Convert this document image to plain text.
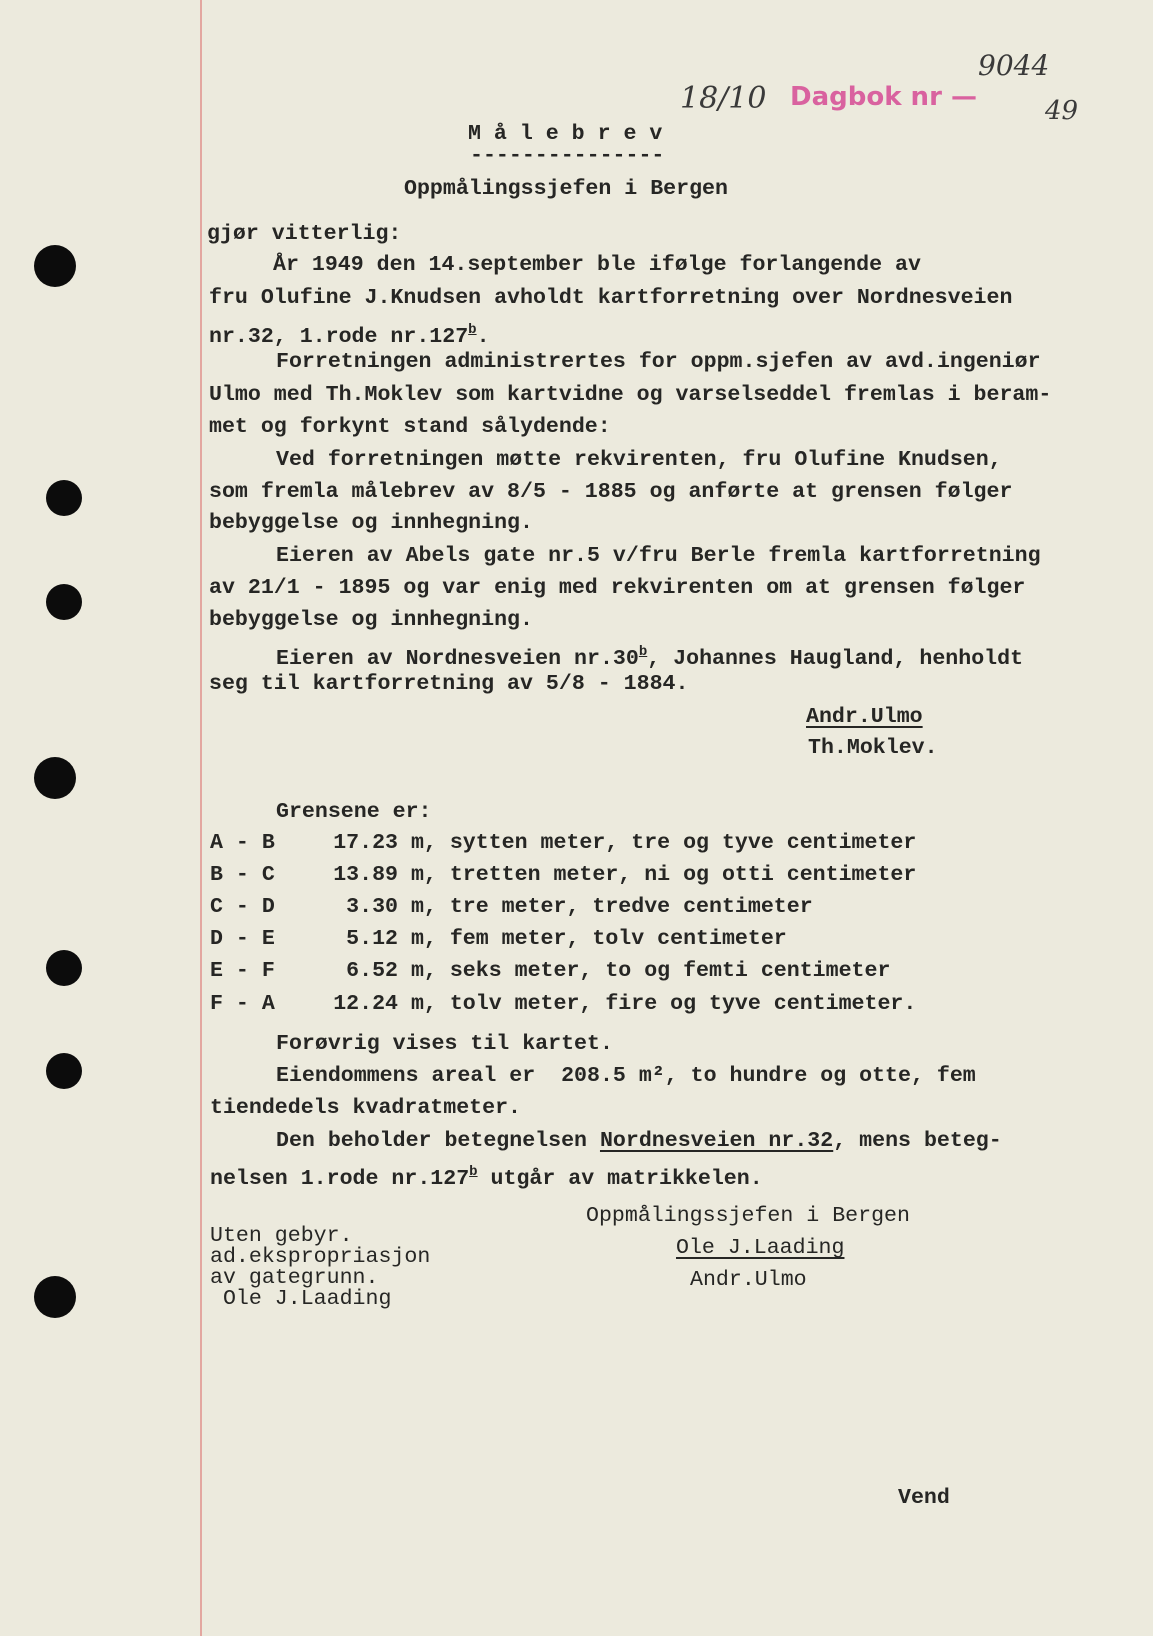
18/10 Dagbok nr —
9044
49
M å l e b r e v
---------------
Oppmålingssjefen i Bergen
gjør vitterlig:
År 1949 den 14.september ble ifølge forlangende av
fru Olufine J.Knudsen avholdt kartforretning over Nordnesveien
nr.32, 1.rode nr.127$^b$.
Forretningen administrertes for oppm.sjefen av avd.ingeniør
Ulmo med Th.Moklev som kartvidne og varselseddel fremlas i beram-
met og forkynt stand sålydende:
Ved forretningen møtte rekvirenten, fru Olufine Knudsen,
som fremla målebrev av 8/5 - 1885 og anførte at grensen følger
bebyggelse og innhegning.
Eieren av Abels gate nr.5 v/fru Berle fremla kartforretning
av 21/1 - 1895 og var enig med rekvirenten om at grensen følger
bebyggelse og innhegning.
Eieren av Nordnesveien nr.30$^b$, Johannes Haugland, henholdt
seg til kartforretning av 5/8 - 1884.
Andr.Ulmo
Th.Moklev.
Grensene er:
A - B	17.23 m, sytten meter, tre og tyve centimeter
B - C	13.89 m, tretten meter, ni og otti centimeter
C - D	3.30 m, tre meter, tredve centimeter
D - E	5.12 m, fem meter, tolv centimeter
E - F	6.52 m, seks meter, to og femti centimeter
F - A	12.24 m, tolv meter, fire og tyve centimeter.
Forøvrig vises til kartet.
Eiendommens areal er  208.5 m², to hundre og otte, fem
tiendedels kvadratmeter.
Den beholder betegnelsen Nordnesveien nr.32, mens beteg-
nelsen 1.rode nr.127$^b$ utgår av matrikkelen.
Oppmålingssjefen i Bergen
Ole J.Laading
Andr.Ulmo
Uten gebyr.
ad.ekspropriasjon
av gategrunn.
Ole J.Laading
Vend
